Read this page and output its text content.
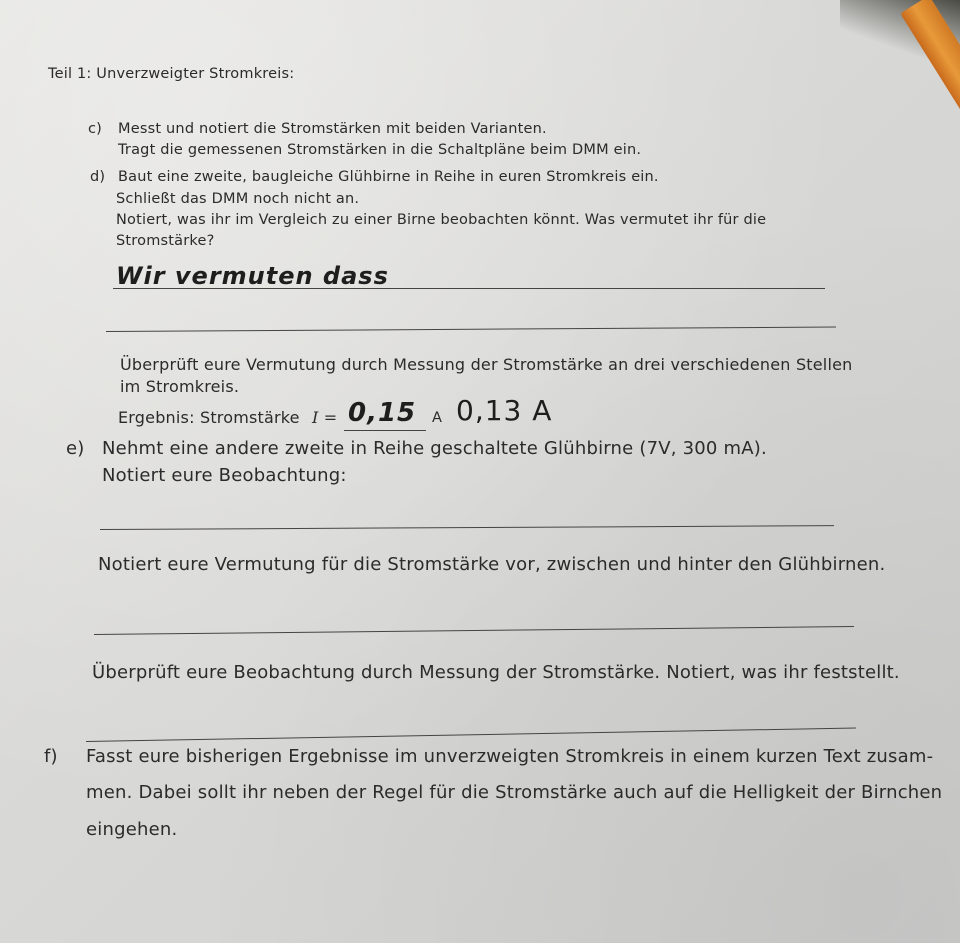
Teil 1: Unverzweigter Stromkreis:
c) Messt und notiert die Stromstärken mit beiden Varianten.
Tragt die gemessenen Stromstärken in die Schaltpläne beim DMM ein.
d) Baut eine zweite, baugleiche Glühbirne in Reihe in euren Stromkreis ein.
Schließt das DMM noch nicht an.
Notiert, was ihr im Vergleich zu einer Birne beobachten könnt. Was vermutet ihr für die
Stromstärke?
Wir vermuten dass
Überprüft eure Vermutung durch Messung der Stromstärke an drei verschiedenen Stellen
im Stromkreis.
Ergebnis: Stromstärke I = 0,15 A 0,13 A
e) Nehmt eine andere zweite in Reihe geschaltete Glühbirne (7V, 300 mA).
Notiert eure Beobachtung:
Notiert eure Vermutung für die Stromstärke vor, zwischen und hinter den Glühbirnen.
Überprüft eure Beobachtung durch Messung der Stromstärke. Notiert, was ihr feststellt.
f) Fasst eure bisherigen Ergebnisse im unverzweigten Stromkreis in einem kurzen Text zusam-
men. Dabei sollt ihr neben der Regel für die Stromstärke auch auf die Helligkeit der Birnchen
eingehen.
